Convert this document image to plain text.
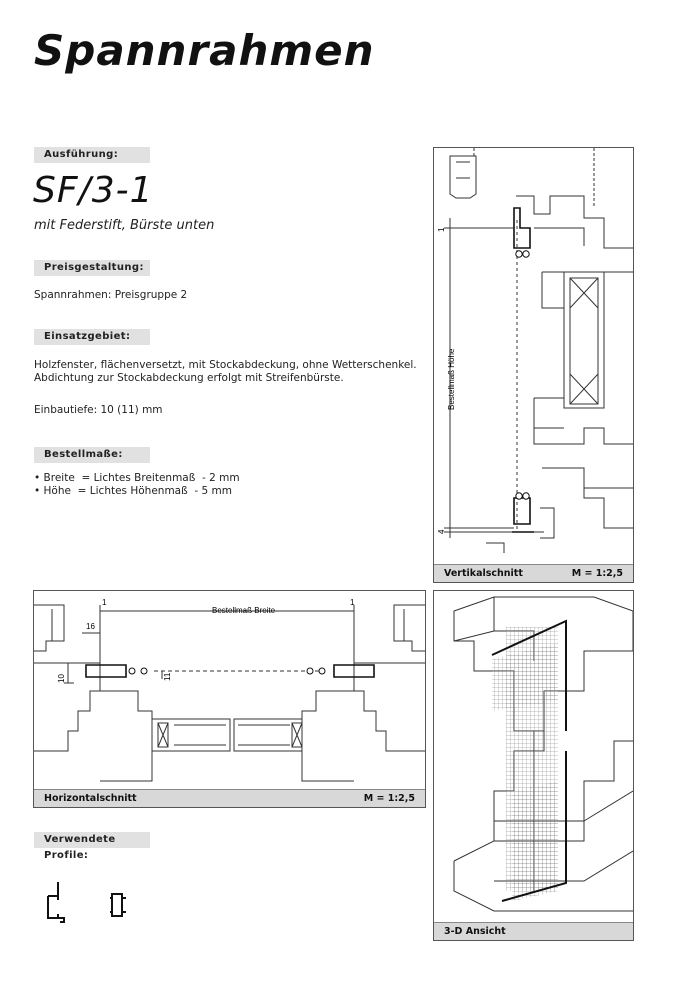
Spannrahmen
Ausführung:
SF/3-1
mit Federstift, Bürste unten
Preisgestaltung:
Spannrahmen: Preisgruppe 2
Einsatzgebiet:
Holzfenster, flächenversetzt, mit Stockabdeckung, ohne Wetterschenkel.
Abdichtung zur Stockabdeckung erfolgt mit Streifenbürste.
Einbautiefe: 10 (11) mm
Bestellmaße:
• Breite  = Lichtes Breitenmaß  - 2 mm
• Höhe  = Lichtes Höhenmaß  - 5 mm
Verwendete Profile:
1
4
Bestellmaß Höhe
Vertikalschnitt	M = 1:2,5
Bestellmaß Breite
1	1
16
10	11
Horizontalschnitt	M = 1:2,5
3-D Ansicht
